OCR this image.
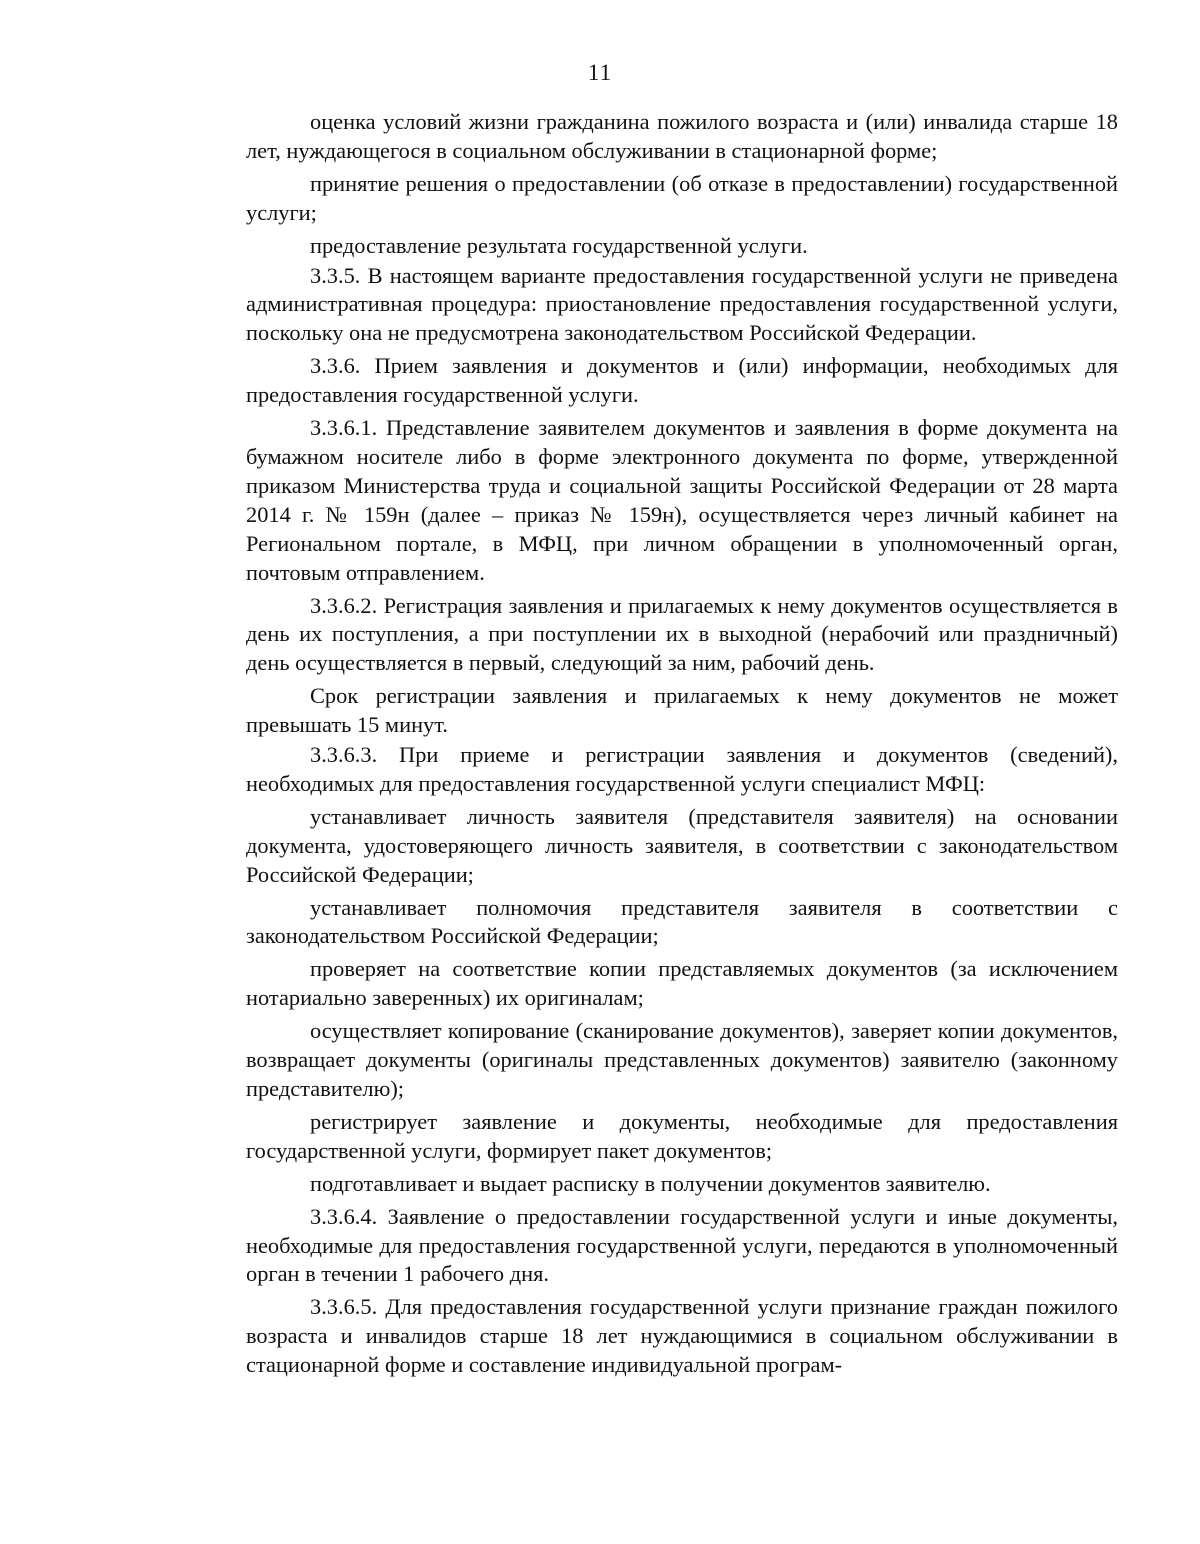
11

оценка условий жизни гражданина пожилого возраста и (или) инвалида старше 18 лет, нуждающегося в социальном обслуживании в стационарной форме;

принятие решения о предоставлении (об отказе в предоставлении) государственной услуги;

предоставление результата государственной услуги.

3.3.5. В настоящем варианте предоставления государственной услуги не приведена административная процедура: приостановление предоставления государственной услуги, поскольку она не предусмотрена законодательством Российской Федерации.

3.3.6. Прием заявления и документов и (или) информации, необходимых для предоставления государственной услуги.

3.3.6.1. Представление заявителем документов и заявления в форме документа на бумажном носителе либо в форме электронного документа по форме, утвержденной приказом Министерства труда и социальной защиты Российской Федерации от 28 марта 2014 г. № 159н (далее – приказ № 159н), осуществляется через личный кабинет на Региональном портале, в МФЦ, при личном обращении в уполномоченный орган, почтовым отправлением.

3.3.6.2. Регистрация заявления и прилагаемых к нему документов осуществляется в день их поступления, а при поступлении их в выходной (нерабочий или праздничный) день осуществляется в первый, следующий за ним, рабочий день.

Срок регистрации заявления и прилагаемых к нему документов не может превышать 15 минут.

3.3.6.3. При приеме и регистрации заявления и документов (сведений), необходимых для предоставления государственной услуги специалист МФЦ:

устанавливает личность заявителя (представителя заявителя) на основании документа, удостоверяющего личность заявителя, в соответствии с законодательством Российской Федерации;

устанавливает полномочия представителя заявителя в соответствии с законодательством Российской Федерации;

проверяет на соответствие копии представляемых документов (за исключением нотариально заверенных) их оригиналам;

осуществляет копирование (сканирование документов), заверяет копии документов, возвращает документы (оригиналы представленных документов) заявителю (законному представителю);

регистрирует заявление и документы, необходимые для предоставления государственной услуги, формирует пакет документов;

подготавливает и выдает расписку в получении документов заявителю.

3.3.6.4. Заявление о предоставлении государственной услуги и иные документы, необходимые для предоставления государственной услуги, передаются в уполномоченный орган в течении 1 рабочего дня.

3.3.6.5. Для предоставления государственной услуги признание граждан пожилого возраста и инвалидов старше 18 лет нуждающимися в социальном обслуживании в стационарной форме и составление индивидуальной програм-
